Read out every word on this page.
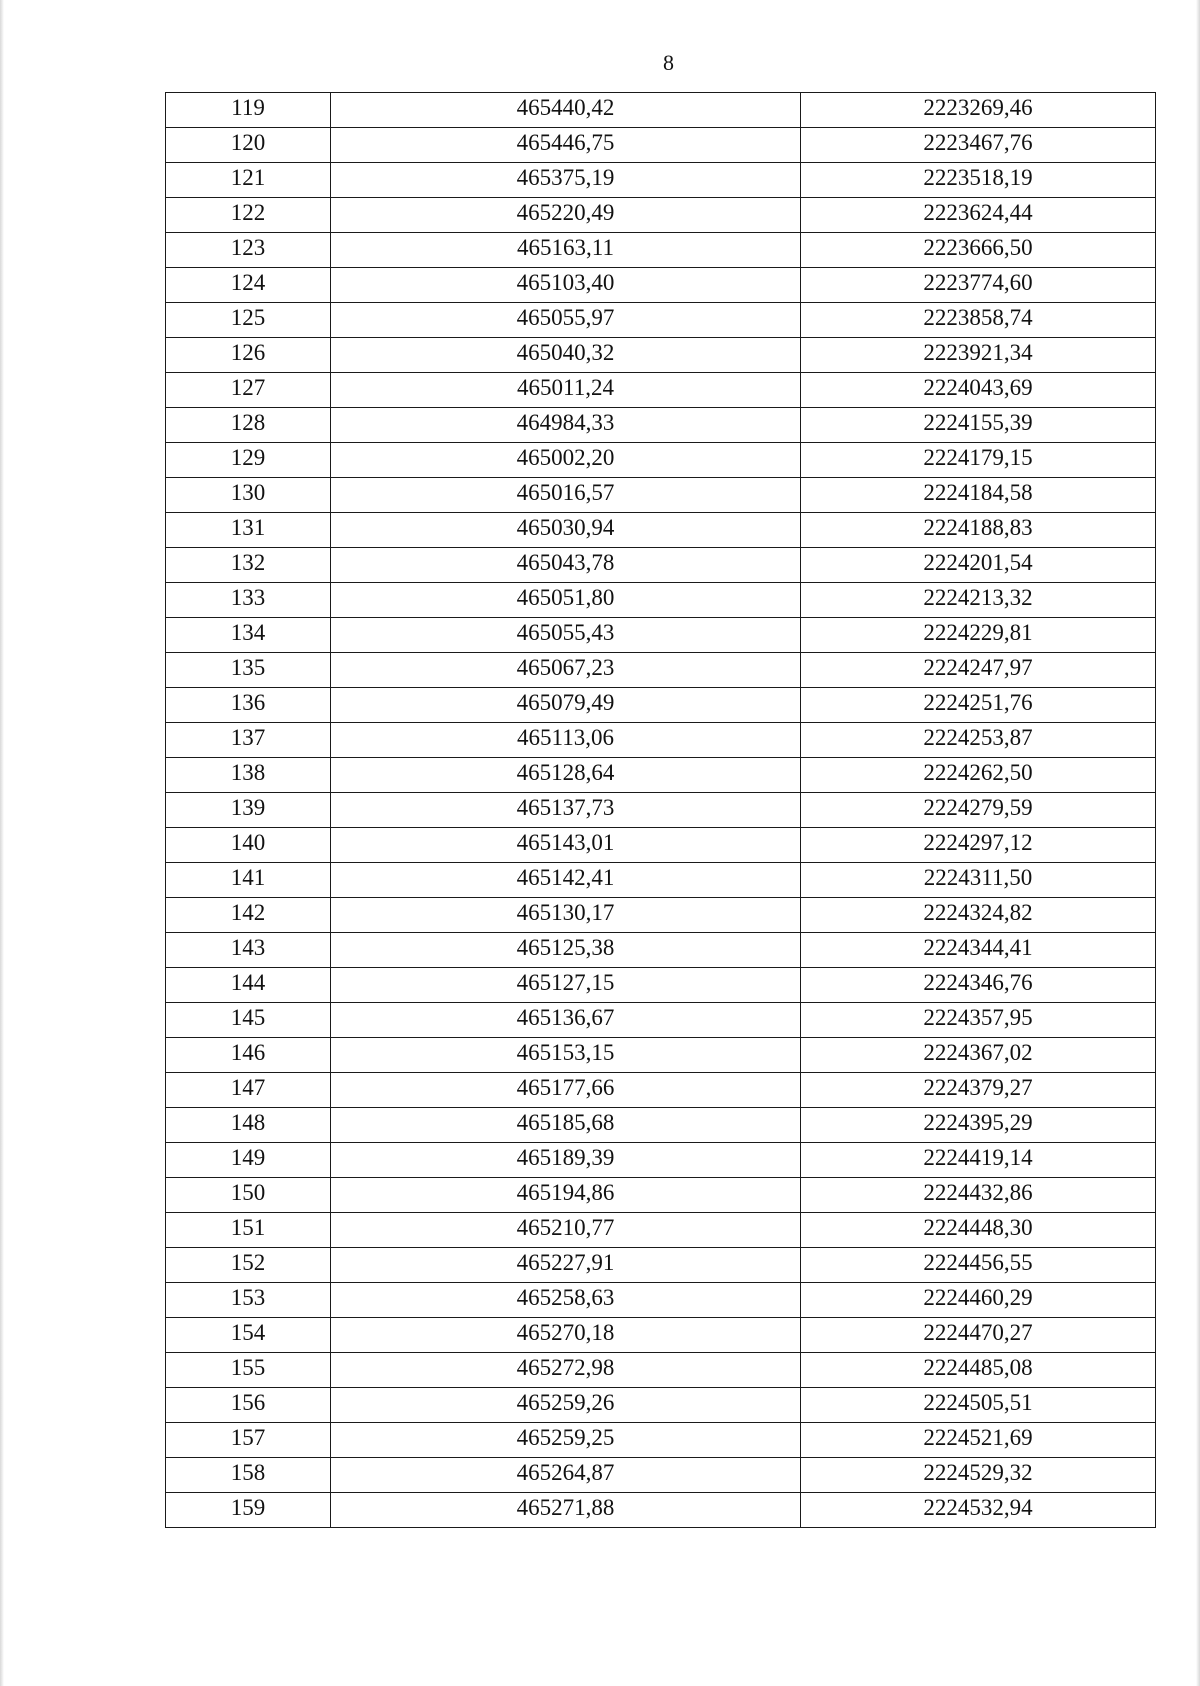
8
119	465440,42	2223269,46
120	465446,75	2223467,76
121	465375,19	2223518,19
122	465220,49	2223624,44
123	465163,11	2223666,50
124	465103,40	2223774,60
125	465055,97	2223858,74
126	465040,32	2223921,34
127	465011,24	2224043,69
128	464984,33	2224155,39
129	465002,20	2224179,15
130	465016,57	2224184,58
131	465030,94	2224188,83
132	465043,78	2224201,54
133	465051,80	2224213,32
134	465055,43	2224229,81
135	465067,23	2224247,97
136	465079,49	2224251,76
137	465113,06	2224253,87
138	465128,64	2224262,50
139	465137,73	2224279,59
140	465143,01	2224297,12
141	465142,41	2224311,50
142	465130,17	2224324,82
143	465125,38	2224344,41
144	465127,15	2224346,76
145	465136,67	2224357,95
146	465153,15	2224367,02
147	465177,66	2224379,27
148	465185,68	2224395,29
149	465189,39	2224419,14
150	465194,86	2224432,86
151	465210,77	2224448,30
152	465227,91	2224456,55
153	465258,63	2224460,29
154	465270,18	2224470,27
155	465272,98	2224485,08
156	465259,26	2224505,51
157	465259,25	2224521,69
158	465264,87	2224529,32
159	465271,88	2224532,94
